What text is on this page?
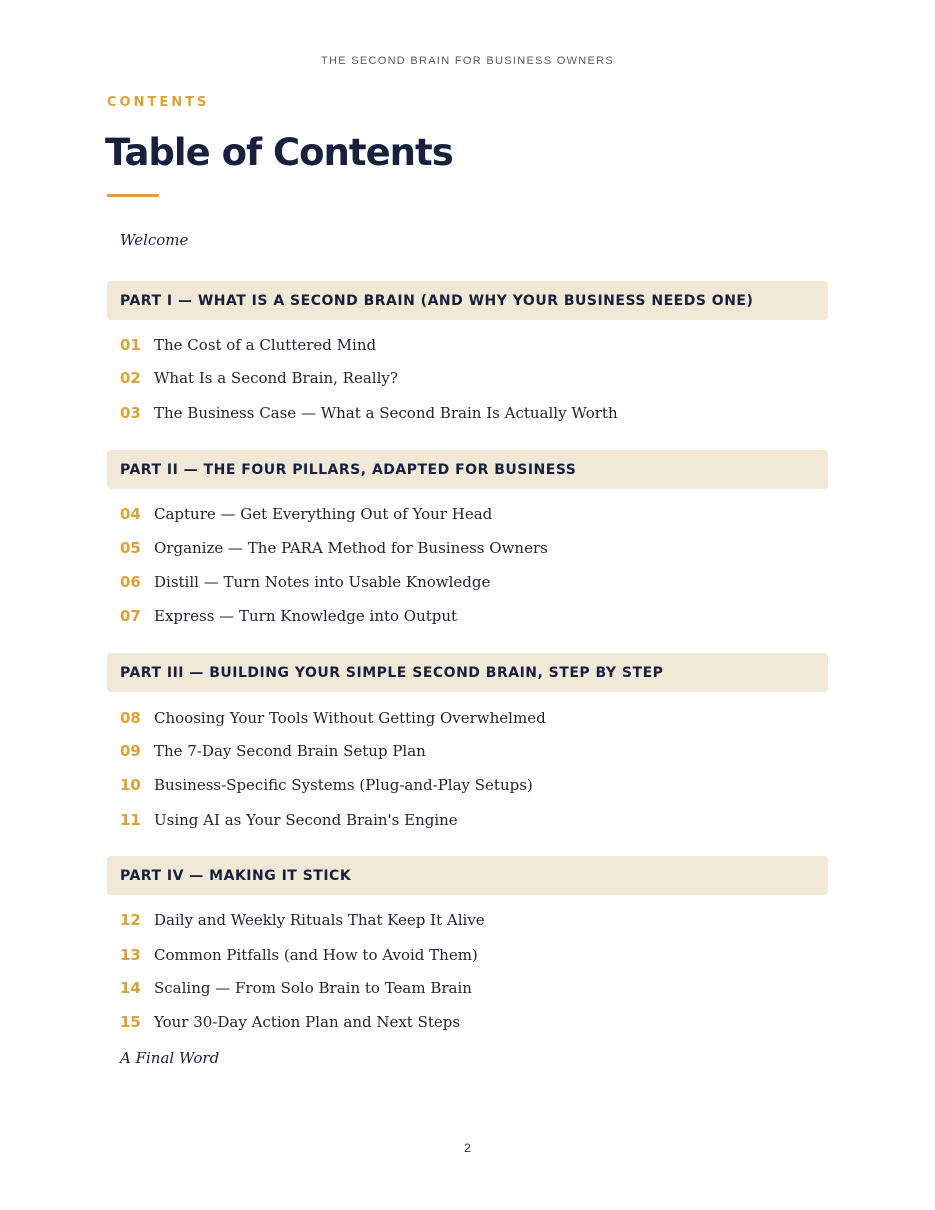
THE SECOND BRAIN FOR BUSINESS OWNERS
CONTENTS
Table of Contents
Welcome
PART I — WHAT IS A SECOND BRAIN (AND WHY YOUR BUSINESS NEEDS ONE)
01 The Cost of a Cluttered Mind
02 What Is a Second Brain, Really?
03 The Business Case — What a Second Brain Is Actually Worth
PART II — THE FOUR PILLARS, ADAPTED FOR BUSINESS
04 Capture — Get Everything Out of Your Head
05 Organize — The PARA Method for Business Owners
06 Distill — Turn Notes into Usable Knowledge
07 Express — Turn Knowledge into Output
PART III — BUILDING YOUR SIMPLE SECOND BRAIN, STEP BY STEP
08 Choosing Your Tools Without Getting Overwhelmed
09 The 7-Day Second Brain Setup Plan
10 Business-Specific Systems (Plug-and-Play Setups)
11 Using AI as Your Second Brain's Engine
PART IV — MAKING IT STICK
12 Daily and Weekly Rituals That Keep It Alive
13 Common Pitfalls (and How to Avoid Them)
14 Scaling — From Solo Brain to Team Brain
15 Your 30-Day Action Plan and Next Steps
A Final Word
2
